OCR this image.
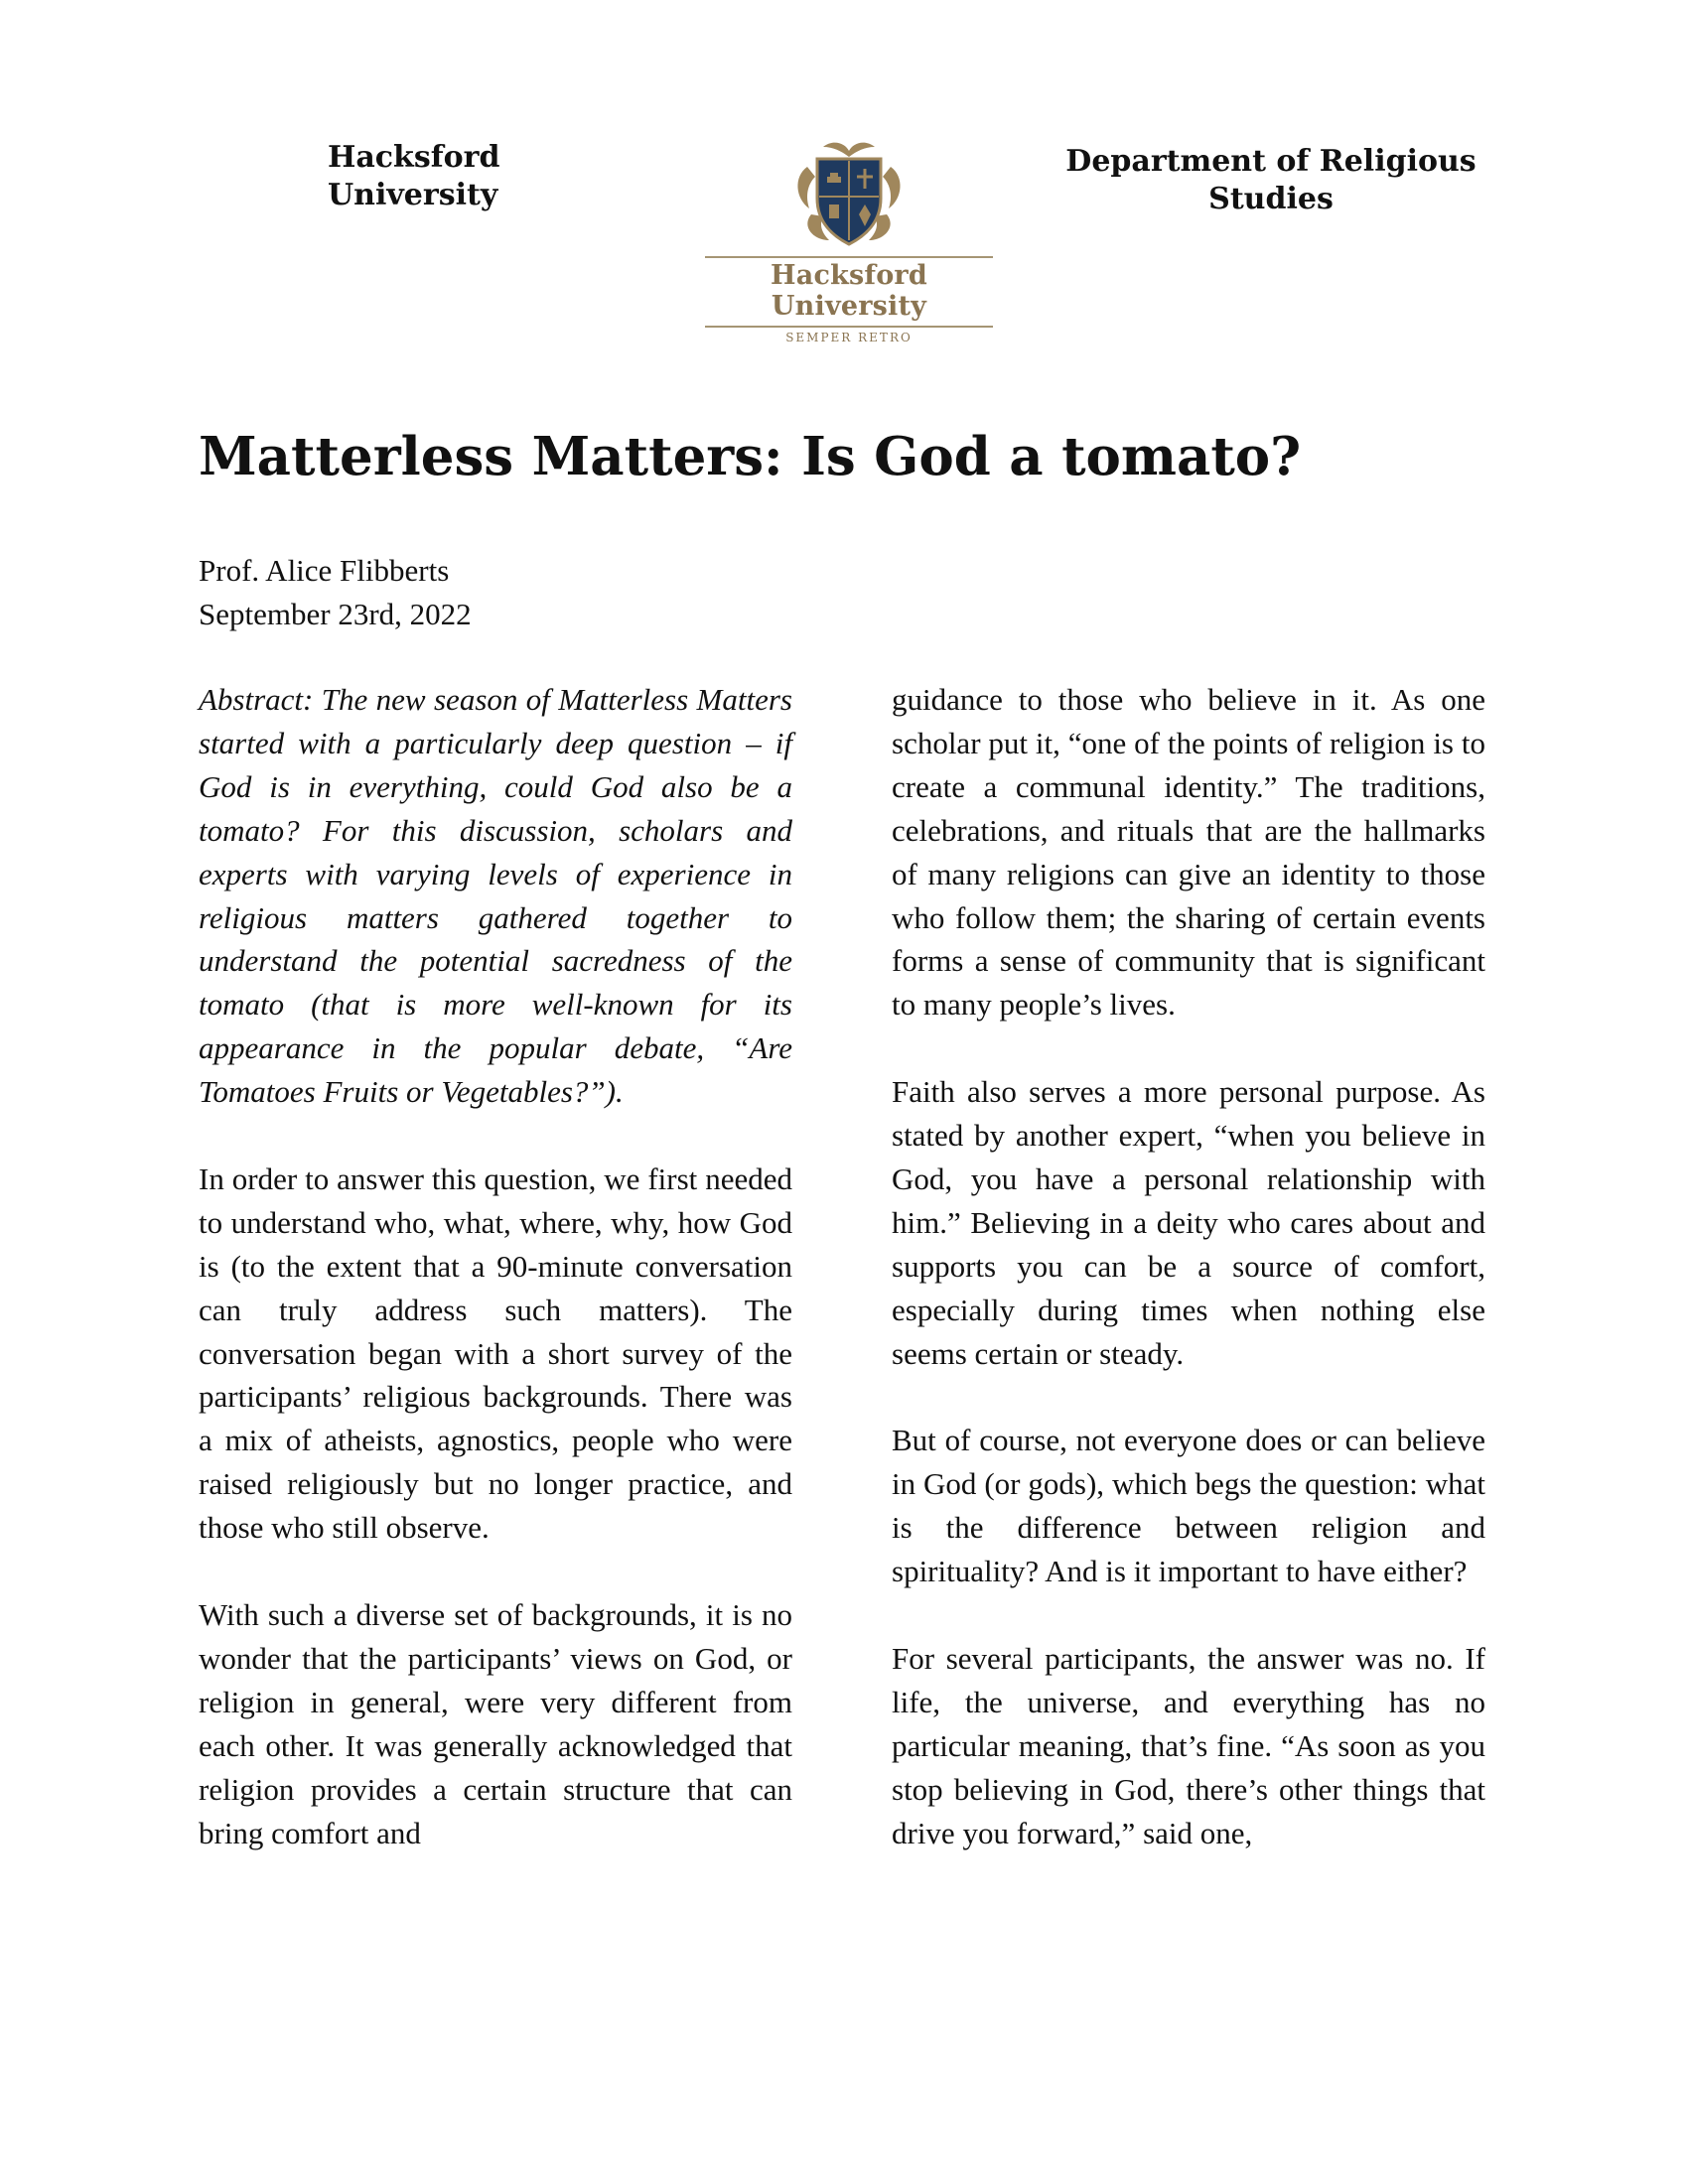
Hacksford
University
Hacksford University
SEMPER RETRO
Department of Religious
Studies
Matterless Matters: Is God a tomato?
Prof. Alice Flibberts
September 23rd, 2022

Abstract: The new season of Matterless Matters started with a particularly deep question – if God is in everything, could God also be a tomato? For this discussion, scholars and experts with varying levels of experience in religious matters gathered together to understand the potential sacredness of the tomato (that is more well-known for its appearance in the popular debate, “Are Tomatoes Fruits or Vegetables?”).

In order to answer this question, we first needed to understand who, what, where, why, how God is (to the extent that a 90-minute conversation can truly address such matters). The conversation began with a short survey of the participants’ religious backgrounds. There was a mix of atheists, agnostics, people who were raised religiously but no longer practice, and those who still observe.

With such a diverse set of backgrounds, it is no wonder that the participants’ views on God, or religion in general, were very different from each other. It was generally acknowledged that religion provides a certain structure that can bring comfort and

guidance to those who believe in it. As one scholar put it, “one of the points of religion is to create a communal identity.” The traditions, celebrations, and rituals that are the hallmarks of many religions can give an identity to those who follow them; the sharing of certain events forms a sense of community that is significant to many people’s lives.

Faith also serves a more personal purpose. As stated by another expert, “when you believe in God, you have a personal relationship with him.” Believing in a deity who cares about and supports you can be a source of comfort, especially during times when nothing else seems certain or steady.

But of course, not everyone does or can believe in God (or gods), which begs the question: what is the difference between religion and spirituality? And is it important to have either?

For several participants, the answer was no. If life, the universe, and everything has no particular meaning, that’s fine. “As soon as you stop believing in God, there’s other things that drive you forward,” said one,
